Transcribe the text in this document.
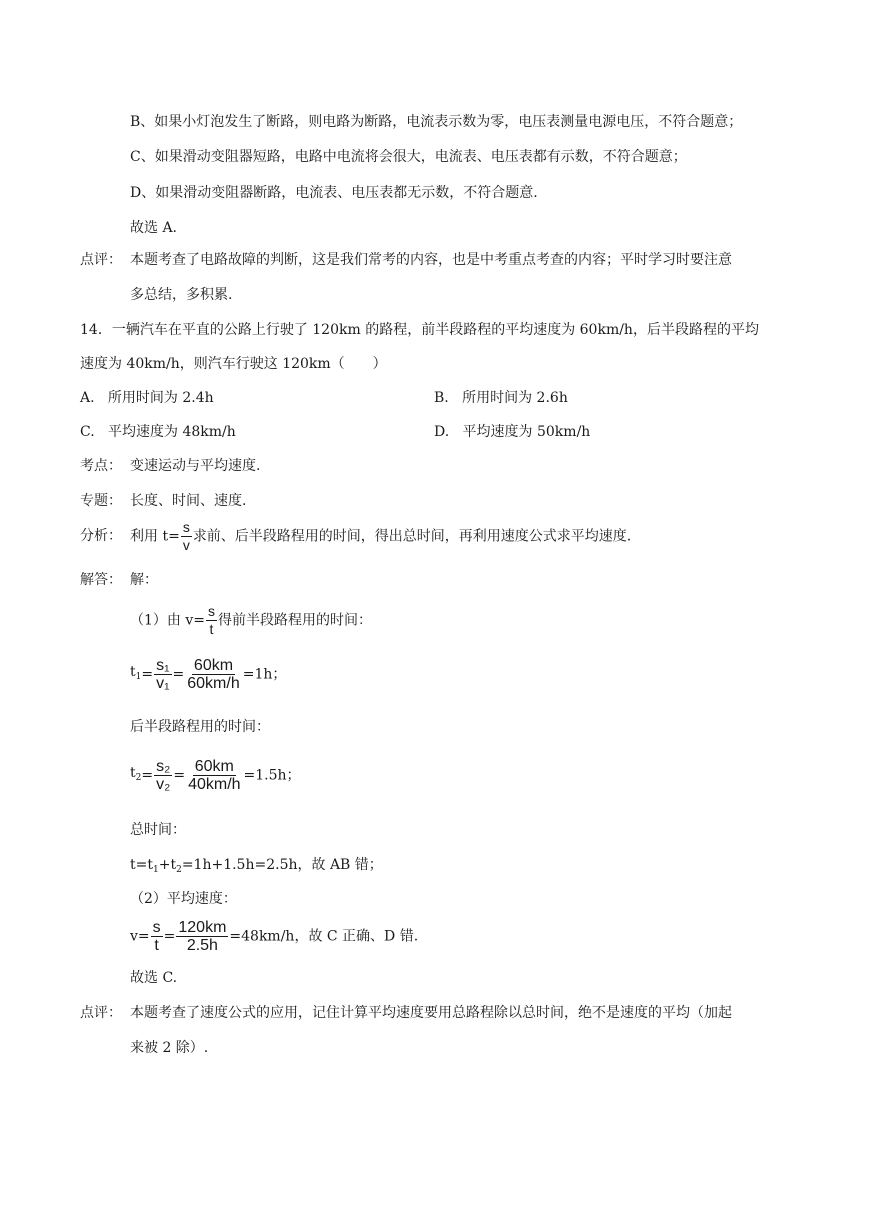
B、如果小灯泡发生了断路，则电路为断路，电流表示数为零，电压表测量电源电压，不符合题意；
C、如果滑动变阻器短路，电路中电流将会很大，电流表、电压表都有示数，不符合题意；
D、如果滑动变阻器断路，电流表、电压表都无示数，不符合题意.
故选 A.
点评： 本题考查了电路故障的判断，这是我们常考的内容，也是中考重点考查的内容；平时学习时要注意
多总结，多积累.
14．一辆汽车在平直的公路上行驶了 120km 的路程，前半段路程的平均速度为 60km/h，后半段路程的平均
速度为 40km/h，则汽车行驶这 120km（　　）
A. 所用时间为 2.4h	B. 所用时间为 2.6h
C. 平均速度为 48km/h	D. 平均速度为 50km/h
考点： 变速运动与平均速度.
专题： 长度、时间、速度.
分析： 利用 $t= \frac{s}{v}$ 求前、后半段路程用的时间，得出总时间，再利用速度公式求平均速度.
解答： 解：
（1）由 $v= \frac{s}{t}$ 得前半段路程用的时间：
$t_1= \frac{\text{s₁}}{\text{v₁}} = \frac{60km}{60km/h} =1h$；
后半段路程用的时间：
$t_2= \frac{\text{s₂}}{\text{v₂}} = \frac{60km}{40km/h} =1.5h$；
总时间：
$t=t_1+t_2=1h+1.5h=2.5h$，故 AB 错；
（2）平均速度：
$v= \frac{s}{t} = \frac{120km}{2.5h} =48km/h$，故 C 正确、D 错.
故选 C.
点评： 本题考查了速度公式的应用，记住计算平均速度要用总路程除以总时间，绝不是速度的平均（加起
来被 2 除）.
